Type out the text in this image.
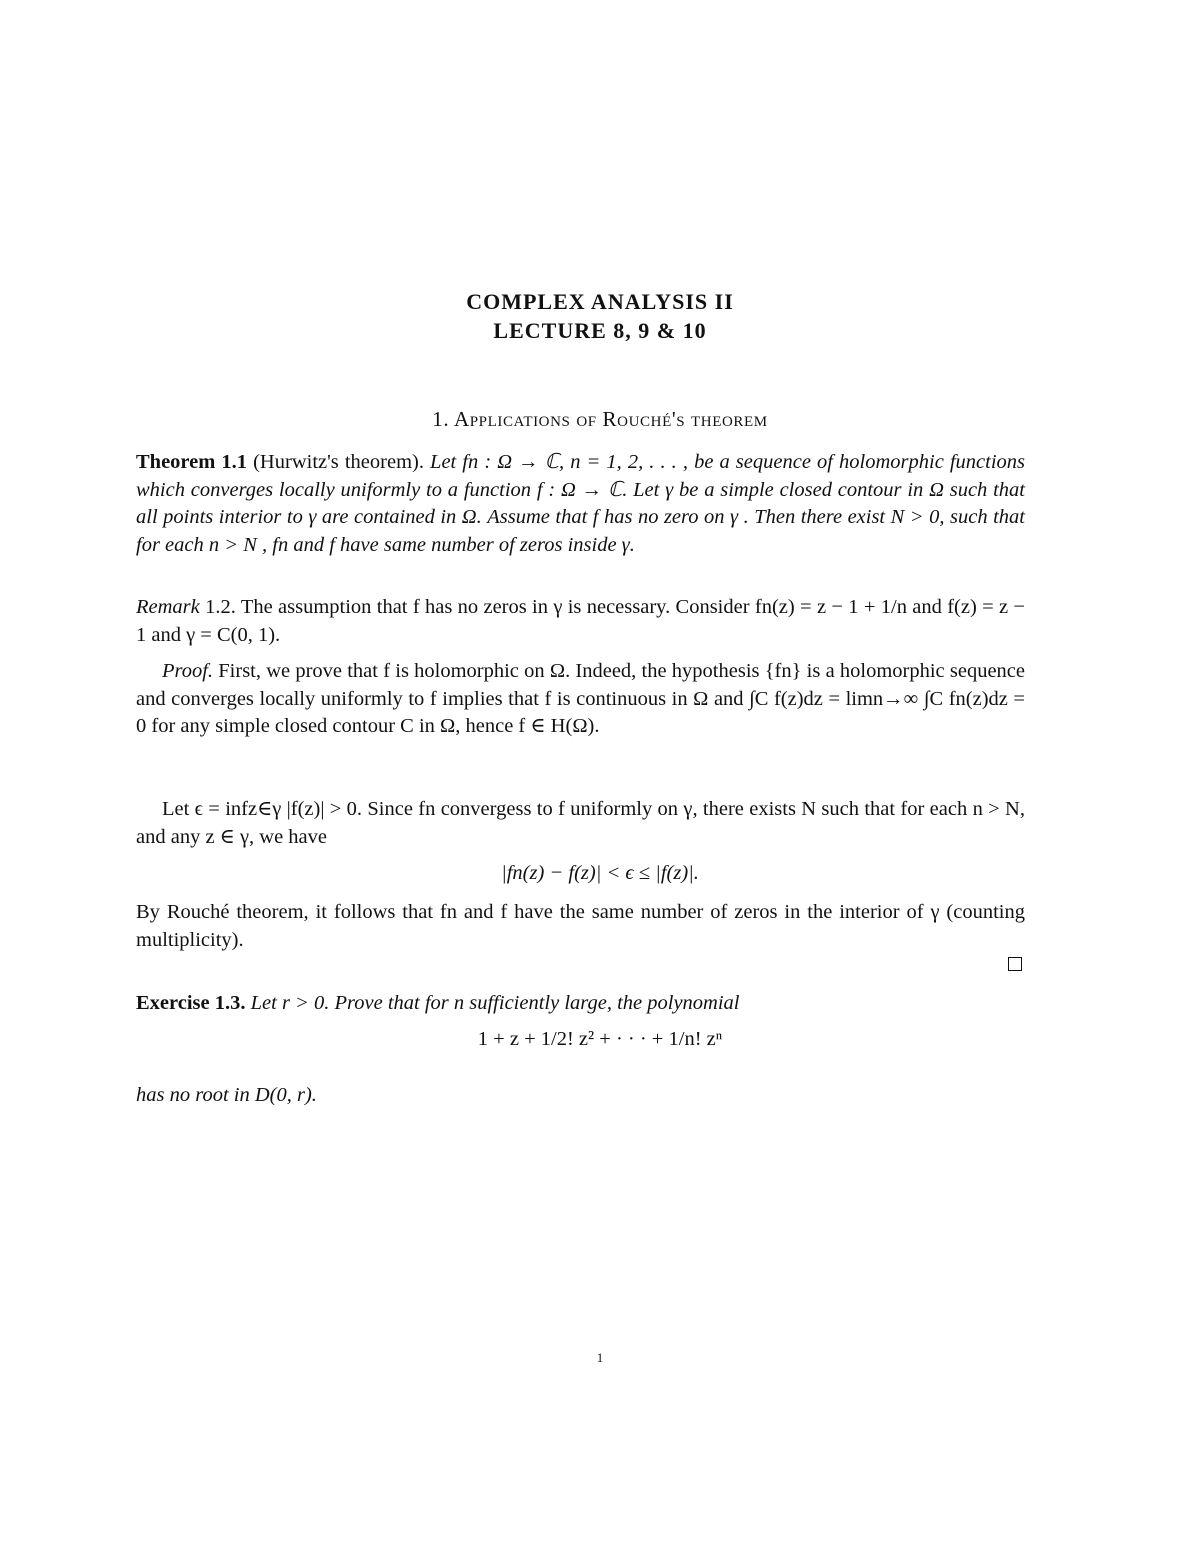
COMPLEX ANALYSIS II
LECTURE 8, 9 & 10
1. Applications of Rouché's theorem
Theorem 1.1 (Hurwitz's theorem). Let fn : Ω → ℂ, n = 1, 2, . . . , be a sequence of holomorphic functions which converges locally uniformly to a function f : Ω → ℂ. Let γ be a simple closed contour in Ω such that all points interior to γ are contained in Ω. Assume that f has no zero on γ . Then there exist N > 0, such that for each n > N , fn and f have same number of zeros inside γ.
Remark 1.2. The assumption that f has no zeros in γ is necessary. Consider fn(z) = z − 1 + 1/n and f(z) = z − 1 and γ = C(0, 1).
Proof. First, we prove that f is holomorphic on Ω. Indeed, the hypothesis {fn} is a holomorphic sequence and converges locally uniformly to f implies that f is continuous in Ω and ∫C f(z)dz = limn→∞ ∫C fn(z)dz = 0 for any simple closed contour C in Ω, hence f ∈ H(Ω).
Let ϵ = infz∈γ |f(z)| > 0. Since fn convergess to f uniformly on γ, there exists N such that for each n > N, and any z ∈ γ, we have
|fn(z) − f(z)| < ϵ ≤ |f(z)|.
By Rouché theorem, it follows that fn and f have the same number of zeros in the interior of γ (counting multiplicity).
Exercise 1.3. Let r > 0. Prove that for n sufficiently large, the polynomial
1 + z + 1/2! z² + · · · + 1/n! zⁿ
has no root in D(0, r).
1
